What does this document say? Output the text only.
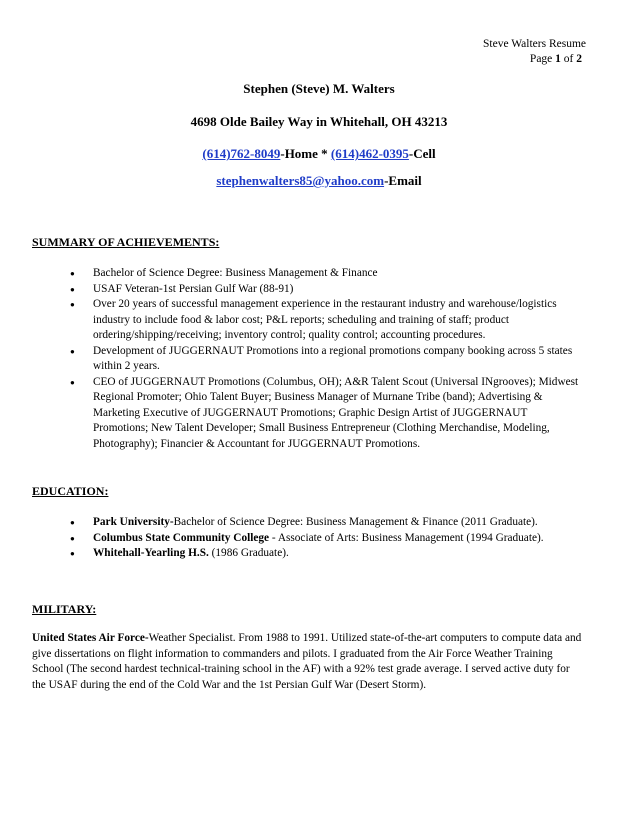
Steve Walters Resume
Page 1 of 2
Stephen (Steve) M. Walters
4698 Olde Bailey Way in Whitehall, OH 43213
(614)762-8049-Home * (614)462-0395-Cell
stephenwalters85@yahoo.com-Email
SUMMARY OF ACHIEVEMENTS:
● Bachelor of Science Degree: Business Management & Finance
● USAF Veteran-1st Persian Gulf War (88-91)
● Over 20 years of successful management experience in the restaurant industry and warehouse/logistics industry to include food & labor cost; P&L reports; scheduling and training of staff; product ordering/shipping/receiving; inventory control; quality control; accounting procedures.
● Development of JUGGERNAUT Promotions into a regional promotions company booking across 5 states within 2 years.
● CEO of JUGGERNAUT Promotions (Columbus, OH); A&R Talent Scout (Universal INgrooves); Midwest Regional Promoter; Ohio Talent Buyer; Business Manager of Murnane Tribe (band); Advertising & Marketing Executive of JUGGERNAUT Promotions; Graphic Design Artist of JUGGERNAUT Promotions; New Talent Developer; Small Business Entrepreneur (Clothing Merchandise, Modeling, Photography); Financier & Accountant for JUGGERNAUT Promotions.
EDUCATION:
● Park University-Bachelor of Science Degree: Business Management & Finance (2011 Graduate).
● Columbus State Community College - Associate of Arts: Business Management (1994 Graduate).
● Whitehall-Yearling H.S. (1986 Graduate).
MILITARY:
United States Air Force-Weather Specialist. From 1988 to 1991. Utilized state-of-the-art computers to compute data and give dissertations on flight information to commanders and pilots. I graduated from the Air Force Weather Training School (The second hardest technical-training school in the AF) with a 92% test grade average. I served active duty for the USAF during the end of the Cold War and the 1st Persian Gulf War (Desert Storm).
